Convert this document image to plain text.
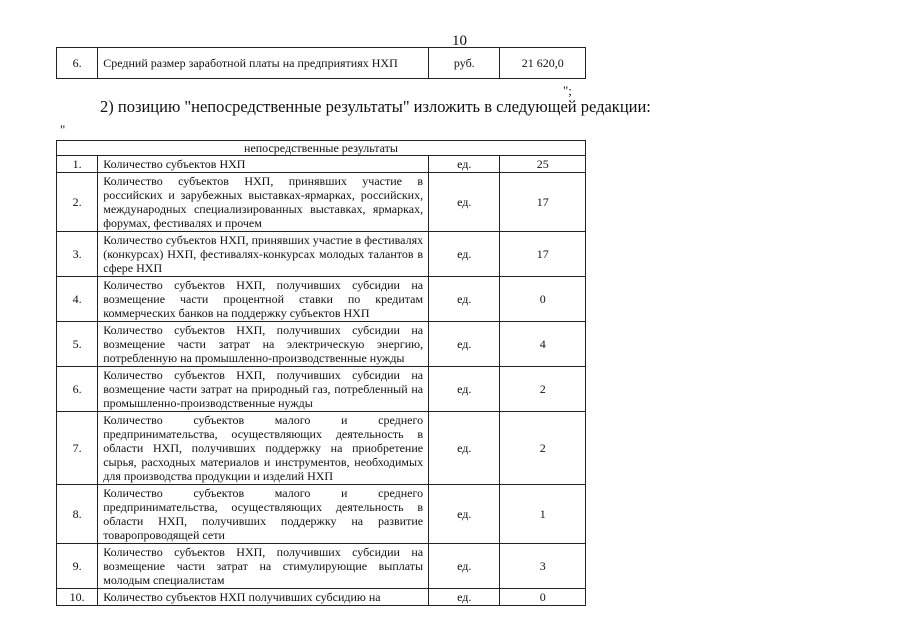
10
6.	Средний размер заработной платы на предприятиях НХП	руб.	21 620,0
";
2) позицию "непосредственные результаты" изложить в следующей редакции:
"
непосредственные результаты			
1.	Количество субъектов НХП	ед.	25
2.	Количество субъектов НХП, принявших участие в российских и зарубежных выставках-ярмарках, российских, международных специализированных выставках, ярмарках, форумах, фестивалях и прочем	ед.	17
3.	Количество субъектов НХП, принявших участие в фестивалях (конкурсах) НХП, фестивалях-конкурсах молодых талантов в сфере НХП	ед.	17
4.	Количество субъектов НХП, получивших субсидии на возмещение части процентной ставки по кредитам коммерческих банков на поддержку субъектов НХП	ед.	0
5.	Количество субъектов НХП, получивших субсидии на возмещение части затрат на электрическую энергию, потребленную на промышленно-производственные нужды	ед.	4
6.	Количество субъектов НХП, получивших субсидии на возмещение части затрат на природный газ, потребленный на промышленно-производственные нужды	ед.	2
7.	Количество субъектов малого и среднего предпринимательства, осуществляющих деятельность в области НХП, получивших поддержку на приобретение сырья, расходных материалов и инструментов, необходимых для производства продукции и изделий НХП	ед.	2
8.	Количество субъектов малого и среднего предпринимательства, осуществляющих деятельность в области НХП, получивших поддержку на развитие товаропроводящей сети	ед.	1
9.	Количество субъектов НХП, получивших субсидии на возмещение части затрат на стимулирующие выплаты молодым специалистам	ед.	3
10.	Количество субъектов НХП получивших субсидию на	ед.	0
